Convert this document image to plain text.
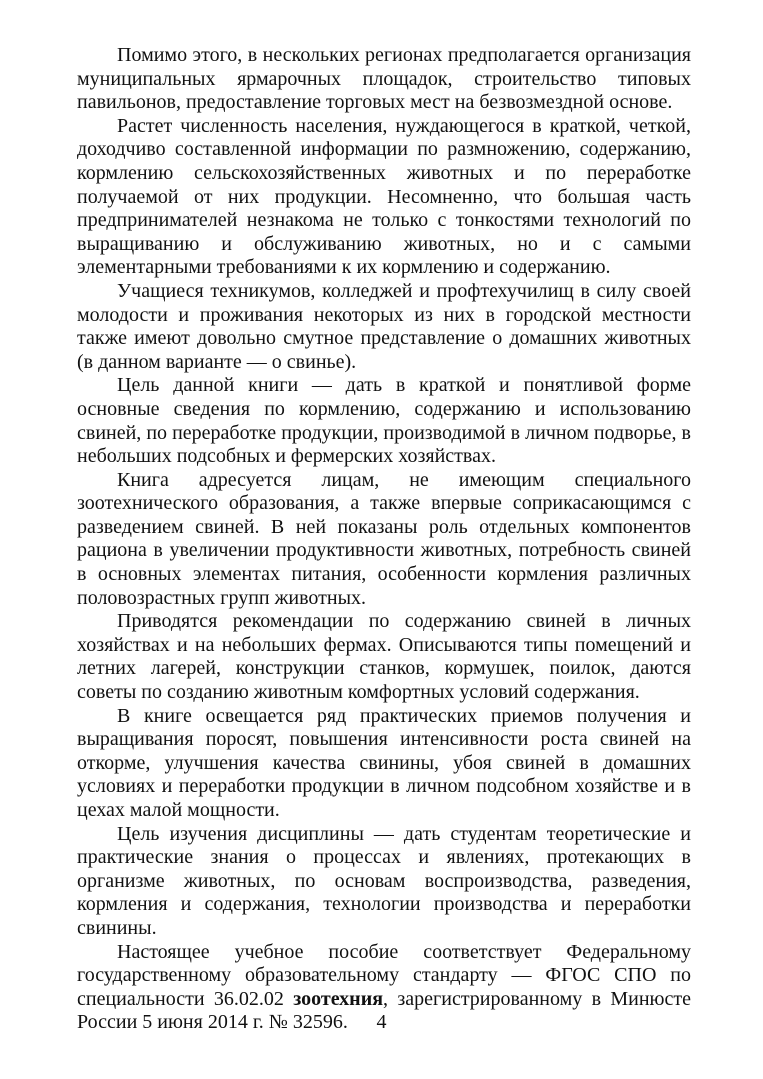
Помимо этого, в нескольких регионах предполагается организация муниципальных ярмарочных площадок, строительство типовых павильонов, предоставление торговых мест на безвозмездной основе.

Растет численность населения, нуждающегося в краткой, четкой, доходчиво составленной информации по размножению, содержанию, кормлению сельскохозяйственных животных и по переработке получаемой от них продукции. Несомненно, что большая часть предпринимателей незнакома не только с тонкостями технологий по выращиванию и обслуживанию животных, но и с самыми элементарными требованиями к их кормлению и содержанию.

Учащиеся техникумов, колледжей и профтехучилищ в силу своей молодости и проживания некоторых из них в городской местности также имеют довольно смутное представление о домашних животных (в данном варианте — о свинье).

Цель данной книги — дать в краткой и понятливой форме основные сведения по кормлению, содержанию и использованию свиней, по переработке продукции, производимой в личном подворье, в небольших подсобных и фермерских хозяйствах.

Книга адресуется лицам, не имеющим специального зоотехнического образования, а также впервые соприкасающимся с разведением свиней. В ней показаны роль отдельных компонентов рациона в увеличении продуктивности животных, потребность свиней в основных элементах питания, особенности кормления различных половозрастных групп животных.

Приводятся рекомендации по содержанию свиней в личных хозяйствах и на небольших фермах. Описываются типы помещений и летних лагерей, конструкции станков, кормушек, поилок, даются советы по созданию животным комфортных условий содержания.

В книге освещается ряд практических приемов получения и выращивания поросят, повышения интенсивности роста свиней на откорме, улучшения качества свинины, убоя свиней в домашних условиях и переработки продукции в личном подсобном хозяйстве и в цехах малой мощности.

Цель изучения дисциплины — дать студентам теоретические и практические знания о процессах и явлениях, протекающих в организме животных, по основам воспроизводства, разведения, кормления и содержания, технологии производства и переработки свинины.

Настоящее учебное пособие соответствует Федеральному государственному образовательному стандарту — ФГОС СПО по специальности 36.02.02 зоотехния, зарегистрированному в Минюсте России 5 июня 2014 г. № 32596.	4
